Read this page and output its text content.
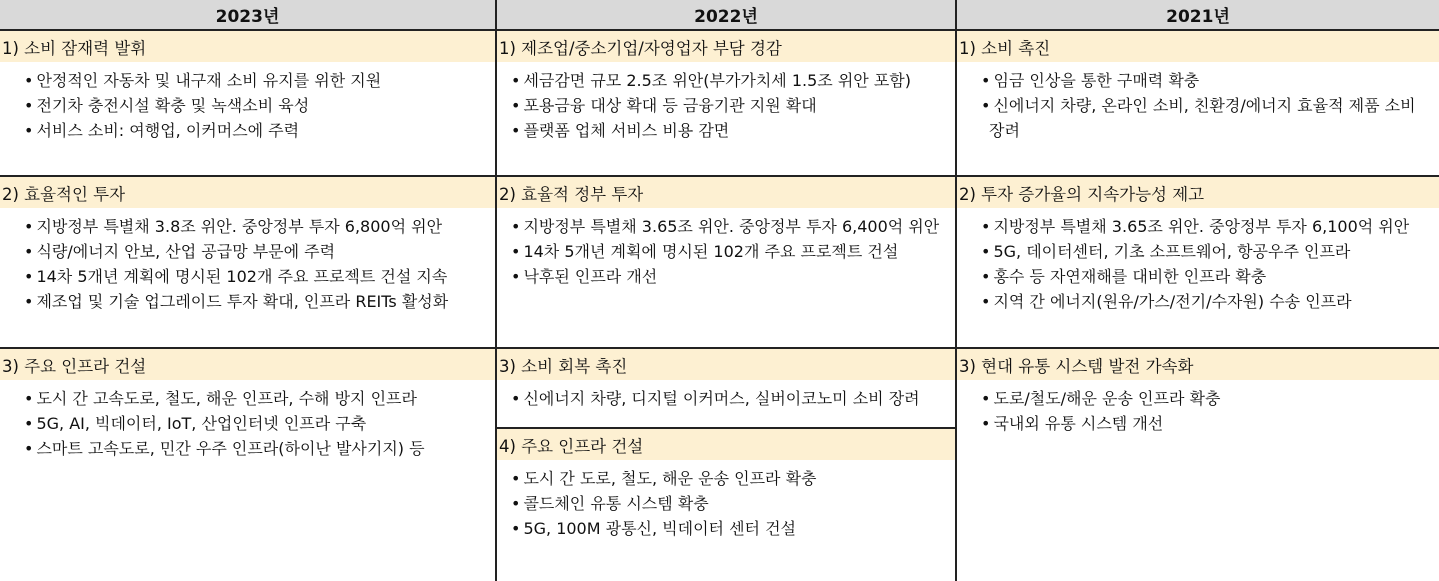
2023년	2022년	2021년
1) 소비 잠재력 발휘
• 안정적인 자동차 및 내구재 소비 유지를 위한 지원
• 전기차 충전시설 확충 및 녹색소비 육성
• 서비스 소비: 여행업, 이커머스에 주력
2) 효율적인 투자
• 지방정부 특별채 3.8조 위안. 중앙정부 투자 6,800억 위안
• 식량/에너지 안보, 산업 공급망 부문에 주력
• 14차 5개년 계획에 명시된 102개 주요 프로젝트 건설 지속
• 제조업 및 기술 업그레이드 투자 확대, 인프라 REITs 활성화
3) 주요 인프라 건설
• 도시 간 고속도로, 철도, 해운 인프라, 수해 방지 인프라
• 5G, AI, 빅데이터, IoT, 산업인터넷 인프라 구축
• 스마트 고속도로, 민간 우주 인프라(하이난 발사기지) 등
1) 제조업/중소기업/자영업자 부담 경감
• 세금감면 규모 2.5조 위안(부가가치세 1.5조 위안 포함)
• 포용금융 대상 확대 등 금융기관 지원 확대
• 플랫폼 업체 서비스 비용 감면
2) 효율적 정부 투자
• 지방정부 특별채 3.65조 위안. 중앙정부 투자 6,400억 위안
• 14차 5개년 계획에 명시된 102개 주요 프로젝트 건설
• 낙후된 인프라 개선
3) 소비 회복 촉진
• 신에너지 차량, 디지털 이커머스, 실버이코노미 소비 장려
4) 주요 인프라 건설
• 도시 간 도로, 철도, 해운 운송 인프라 확충
• 콜드체인 유통 시스템 확충
• 5G, 100M 광통신, 빅데이터 센터 건설
1) 소비 촉진
• 임금 인상을 통한 구매력 확충
• 신에너지 차량, 온라인 소비, 친환경/에너지 효율적 제품 소비 장려
2) 투자 증가율의 지속가능성 제고
• 지방정부 특별채 3.65조 위안. 중앙정부 투자 6,100억 위안
• 5G, 데이터센터, 기초 소프트웨어, 항공우주 인프라
• 홍수 등 자연재해를 대비한 인프라 확충
• 지역 간 에너지(원유/가스/전기/수자원) 수송 인프라
3) 현대 유통 시스템 발전 가속화
• 도로/철도/해운 운송 인프라 확충
• 국내외 유통 시스템 개선
